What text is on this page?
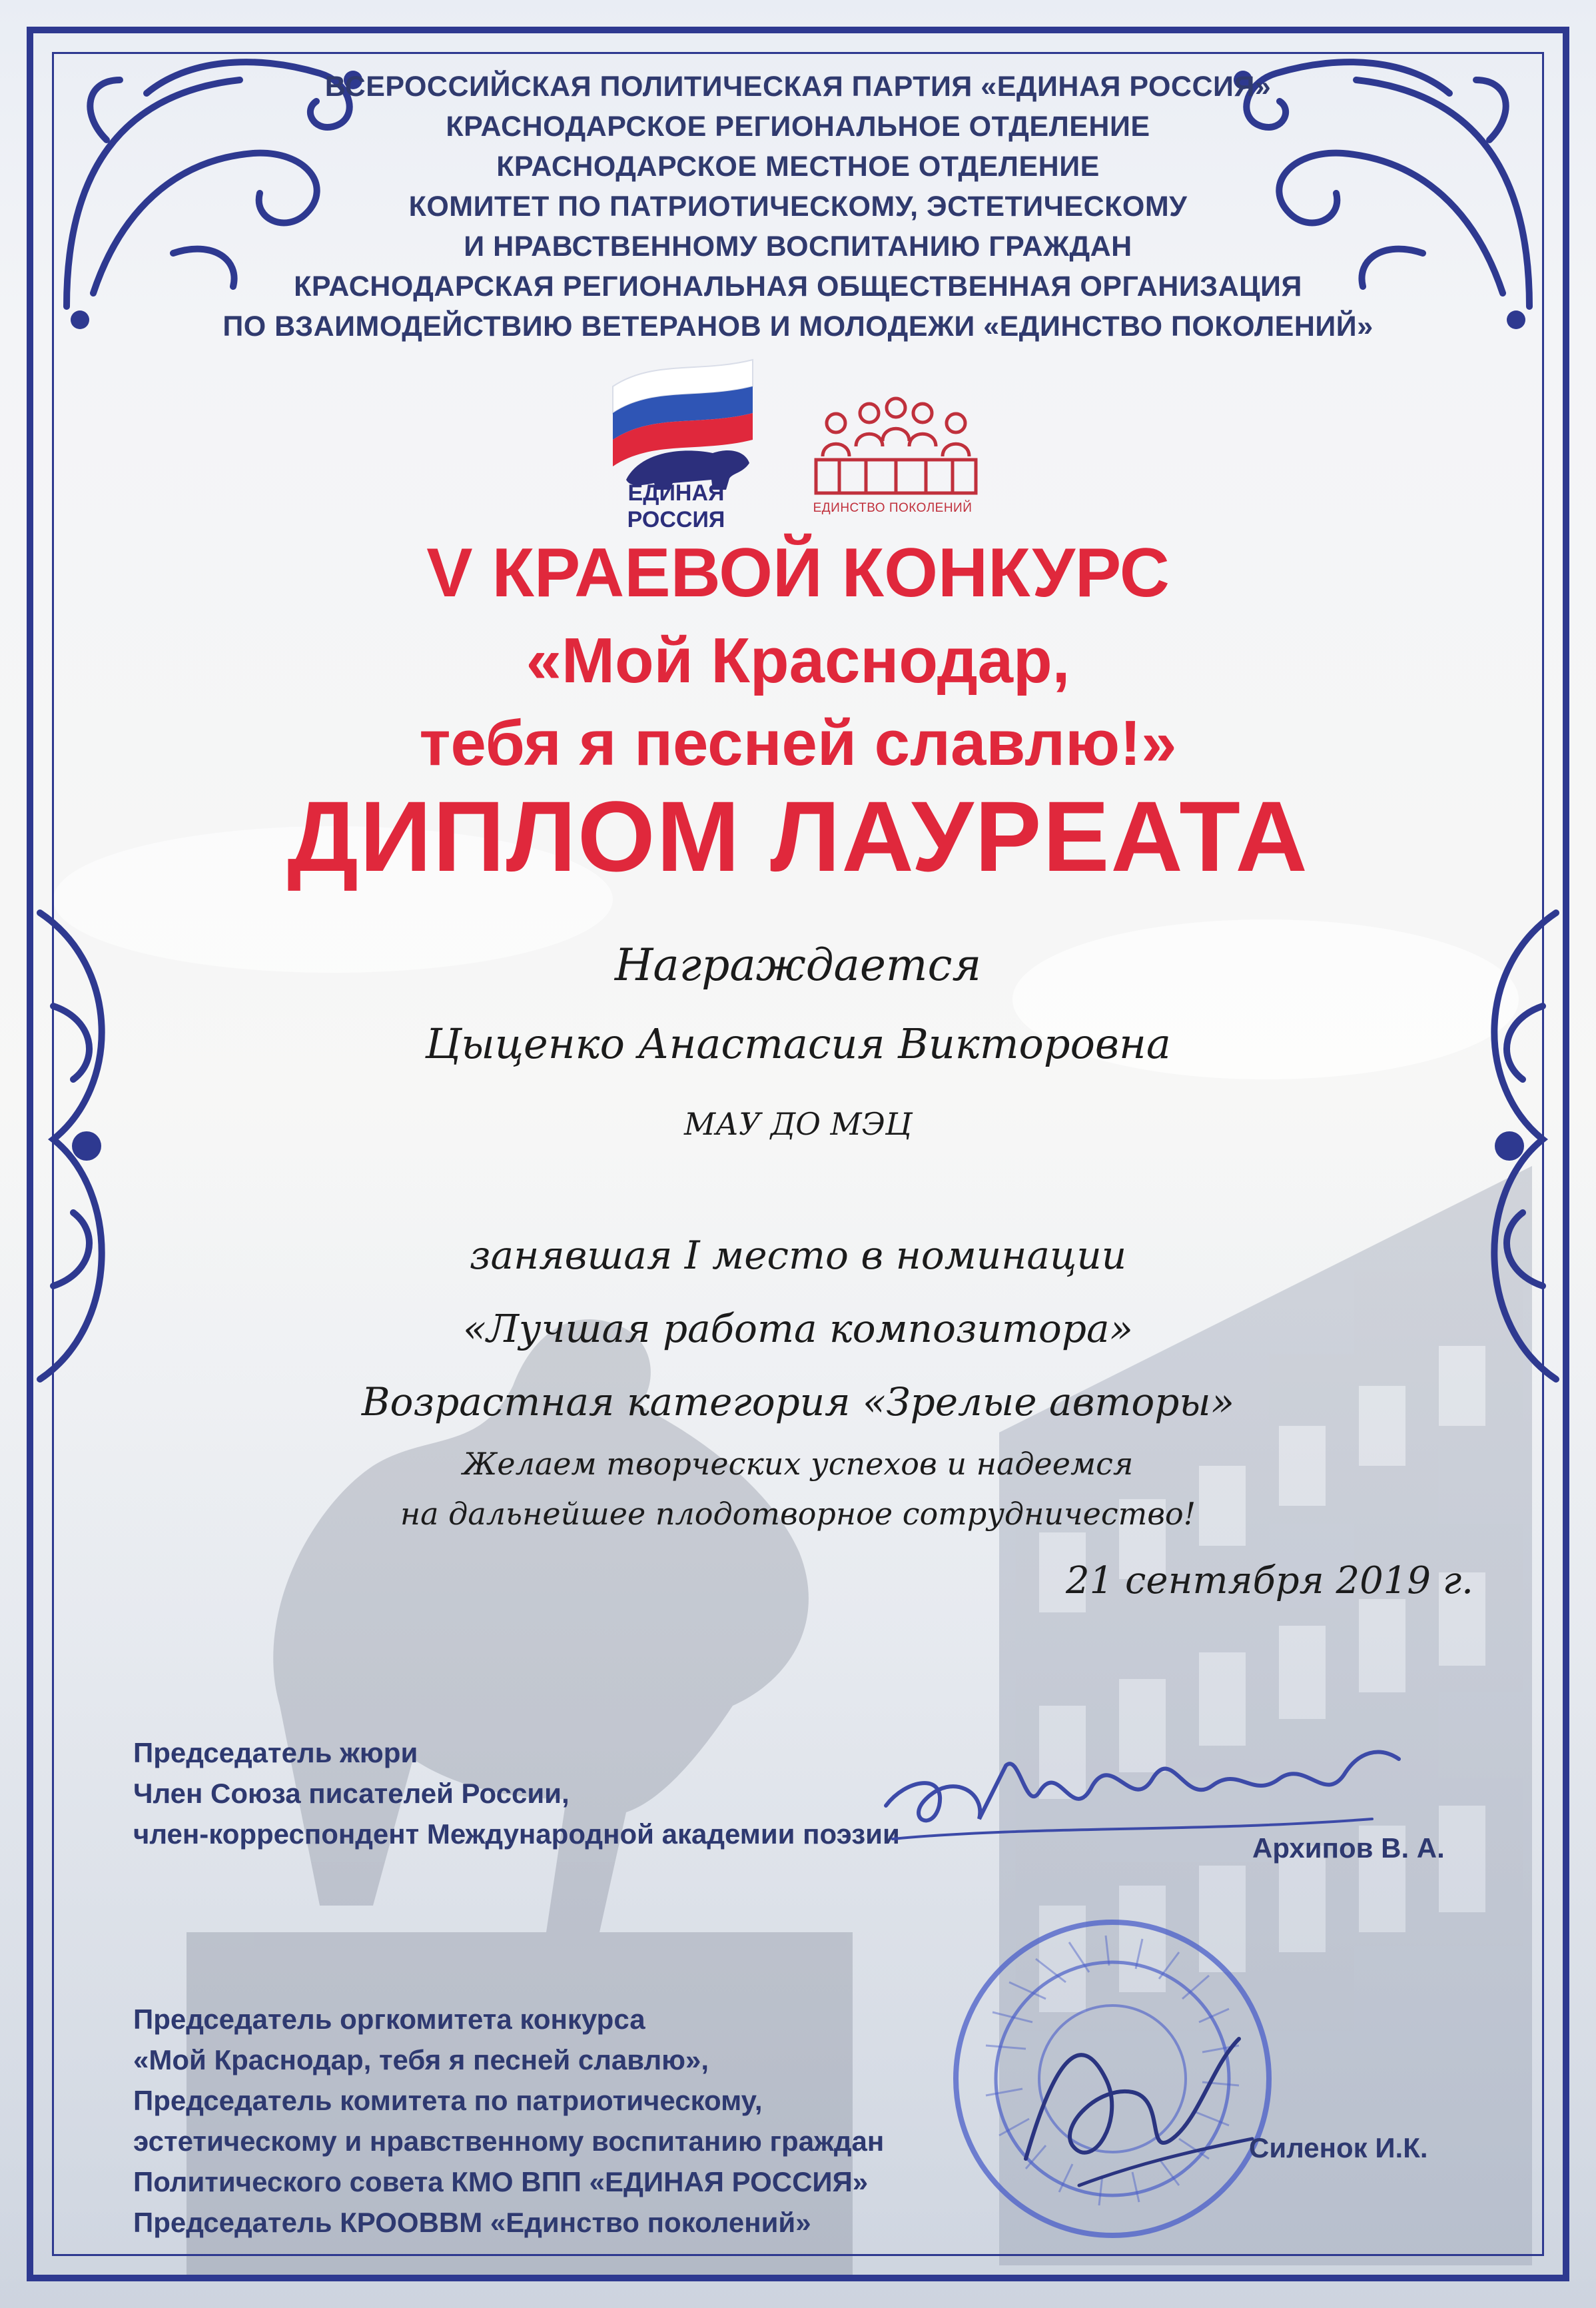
ВСЕРОССИЙСКАЯ ПОЛИТИЧЕСКАЯ ПАРТИЯ «ЕДИНАЯ РОССИЯ»
КРАСНОДАРСКОЕ РЕГИОНАЛЬНОЕ ОТДЕЛЕНИЕ
КРАСНОДАРСКОЕ МЕСТНОЕ ОТДЕЛЕНИЕ
КОМИТЕТ ПО ПАТРИОТИЧЕСКОМУ, ЭСТЕТИЧЕСКОМУ
И НРАВСТВЕННОМУ ВОСПИТАНИЮ ГРАЖДАН
КРАСНОДАРСКАЯ РЕГИОНАЛЬНАЯ ОБЩЕСТВЕННАЯ ОРГАНИЗАЦИЯ
ПО ВЗАИМОДЕЙСТВИЮ ВЕТЕРАНОВ И МОЛОДЕЖИ «ЕДИНСТВО ПОКОЛЕНИЙ»
ЕДИНАЯ
РОССИЯ	ЕДИНСТВО ПОКОЛЕНИЙ
V КРАЕВОЙ КОНКУРС
«Мой Краснодар,
тебя я песней славлю!»
ДИПЛОМ ЛАУРЕАТА
Награждается
Цыценко Анастасия Викторовна
МАУ ДО МЭЦ
занявшая I место в номинации
«Лучшая работа композитора»
Возрастная категория «Зрелые авторы»
Желаем творческих успехов и надеемся
на дальнейшее плодотворное сотрудничество!
21 сентября 2019 г.
Председатель жюри
Член Союза писателей России,
член-корреспондент Международной академии поэзии	Архипов В. А.
Председатель оргкомитета конкурса
«Мой Краснодар, тебя я песней славлю»,
Председатель комитета по патриотическому,
эстетическому и нравственному воспитанию граждан
Политического совета КМО ВПП «ЕДИНАЯ РОССИЯ»
Председатель КРООВВМ «Единство поколений»
Силенок И.К.
